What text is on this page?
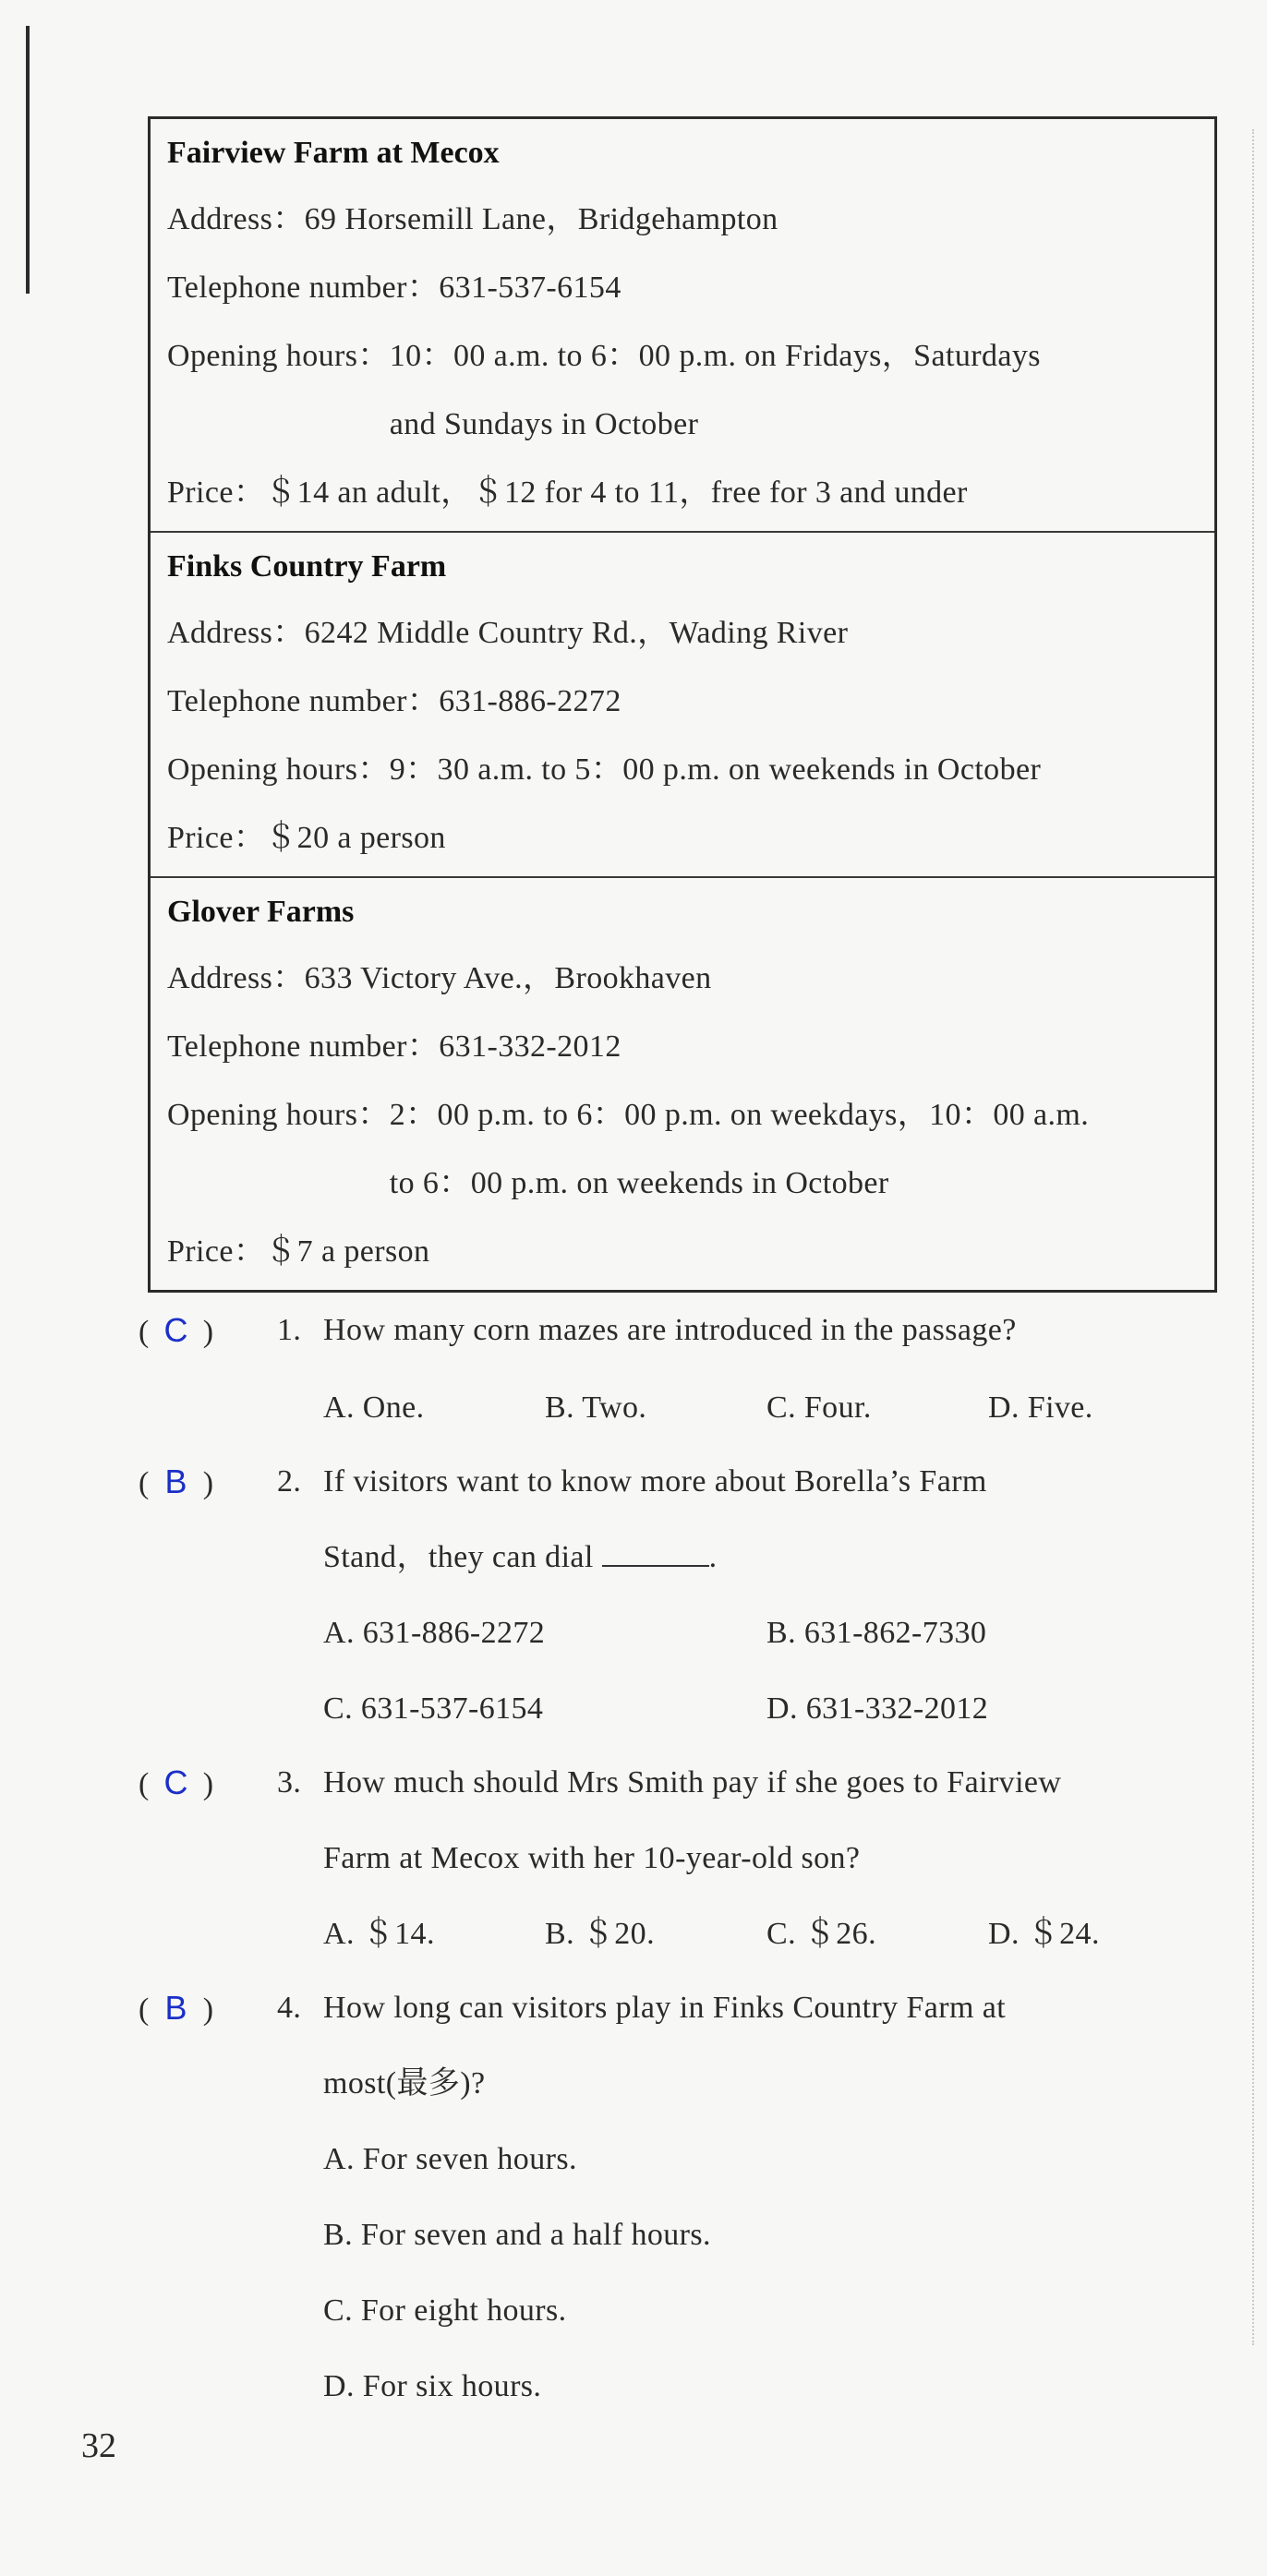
Fairview Farm at Mecox
Address：69 Horsemill Lane，Bridgehampton
Telephone number：631-537-6154
Opening hours： 10：00 a.m. to 6：00 p.m. on Fridays，Saturdays
and Sundays in October
Price：＄14 an adult，＄12 for 4 to 11，free for 3 and under
Finks Country Farm
Address：6242 Middle Country Rd.，Wading River
Telephone number：631-886-2272
Opening hours： 9：30 a.m. to 5：00 p.m. on weekends in October
Price：＄20 a person
Glover Farms
Address：633 Victory Ave.，Brookhaven
Telephone number：631-332-2012
Opening hours： 2：00 p.m. to 6：00 p.m. on weekdays，10：00 a.m.
to 6：00 p.m. on weekends in October
Price：＄7 a person
( C )	1. How many corn mazes are introduced in the passage?
A. One.	B. Two.	C. Four.	D. Five.
( B )	2. If visitors want to know more about Borella’s Farm
Stand，they can dial	.
A. 631-886-2272	B. 631-862-7330
C. 631-537-6154	D. 631-332-2012
( C )	3. How much should Mrs Smith pay if she goes to Fairview
Farm at Mecox with her 10-year-old son?
A. ＄14.	B. ＄20.	C. ＄26.	D. ＄24.
( B )	4. How long can visitors play in Finks Country Farm at
most(最多)?
A. For seven hours.
B. For seven and a half hours.
C. For eight hours.
D. For six hours.
32
